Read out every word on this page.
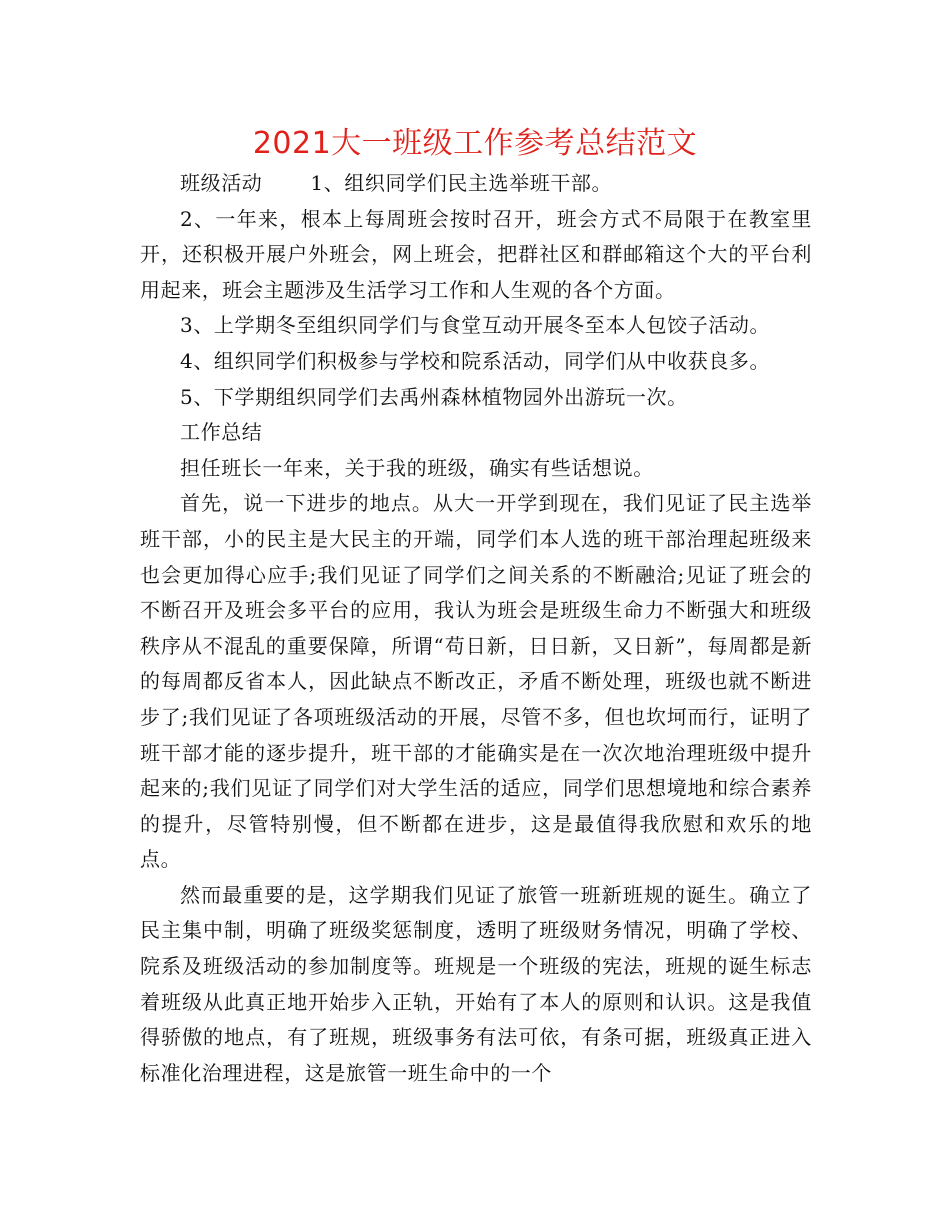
2021大一班级工作参考总结范文

班级活动 1、组织同学们民主选举班干部。

2、一年来，根本上每周班会按时召开，班会方式不局限于在教室里开，还积极开展户外班会，网上班会，把群社区和群邮箱这个大的平台利用起来，班会主题涉及生活学习工作和人生观的各个方面。

3、上学期冬至组织同学们与食堂互动开展冬至本人包饺子活动。

4、组织同学们积极参与学校和院系活动，同学们从中收获良多。

5、下学期组织同学们去禹州森林植物园外出游玩一次。

工作总结

担任班长一年来，关于我的班级，确实有些话想说。

首先，说一下进步的地点。从大一开学到现在，我们见证了民主选举班干部，小的民主是大民主的开端，同学们本人选的班干部治理起班级来也会更加得心应手;我们见证了同学们之间关系的不断融洽;见证了班会的不断召开及班会多平台的应用，我认为班会是班级生命力不断强大和班级秩序从不混乱的重要保障，所谓“苟日新，日日新，又日新”，每周都是新的每周都反省本人，因此缺点不断改正，矛盾不断处理，班级也就不断进步了;我们见证了各项班级活动的开展，尽管不多，但也坎坷而行，证明了班干部才能的逐步提升，班干部的才能确实是在一次次地治理班级中提升起来的;我们见证了同学们对大学生活的适应，同学们思想境地和综合素养的提升，尽管特别慢，但不断都在进步，这是最值得我欣慰和欢乐的地点。

然而最重要的是，这学期我们见证了旅管一班新班规的诞生。确立了民主集中制，明确了班级奖惩制度，透明了班级财务情况，明确了学校、院系及班级活动的参加制度等。班规是一个班级的宪法，班规的诞生标志着班级从此真正地开始步入正轨，开始有了本人的原则和认识。这是我值得骄傲的地点，有了班规，班级事务有法可依，有条可据，班级真正进入标准化治理进程，这是旅管一班生命中的一个
